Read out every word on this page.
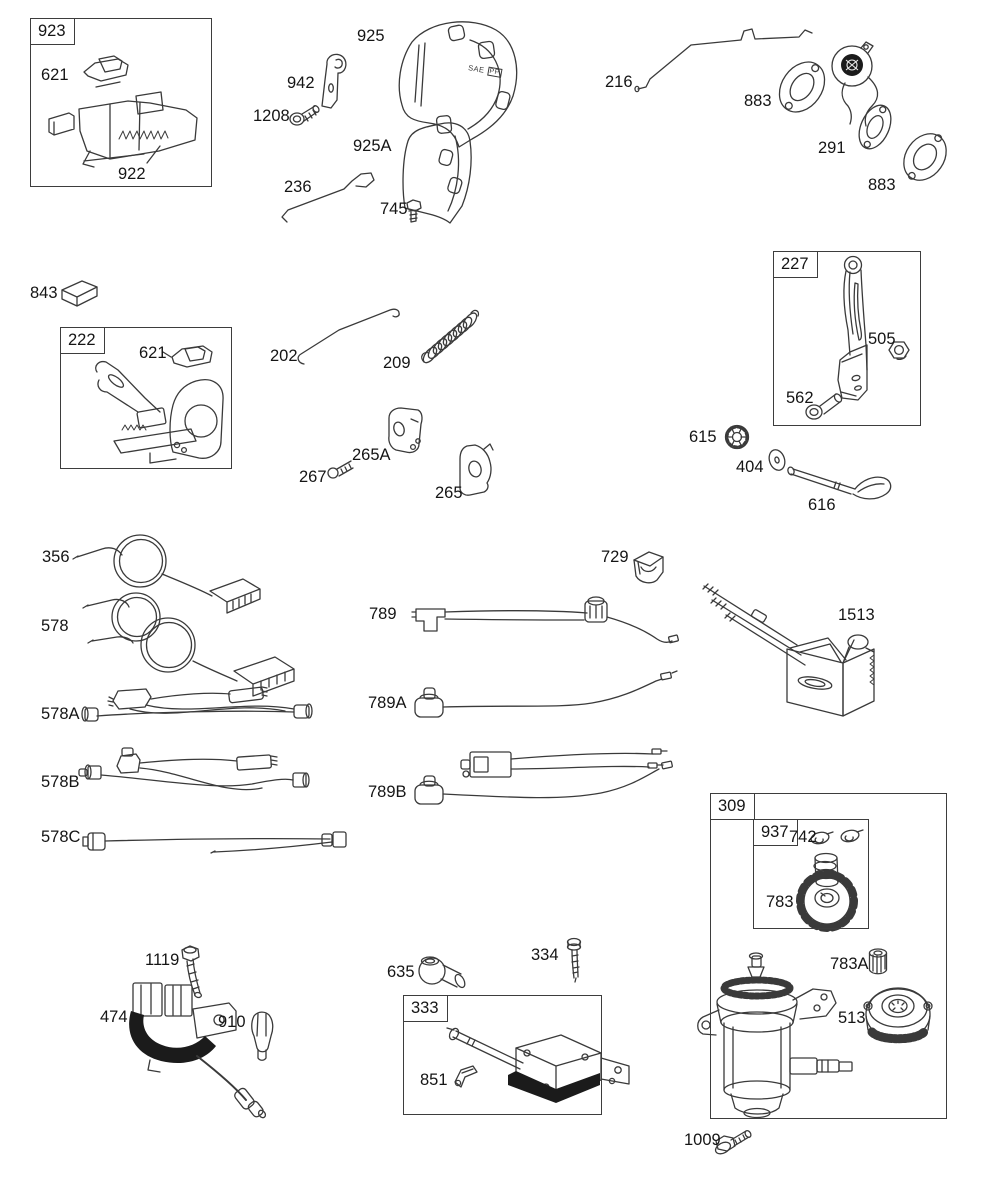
923
222
227
309
937
333
SAE PP
621
922
925
942
1208
925A
236
745
216
883
291
883
505
562
615
404
616
843
621	202	209
265A
267
265
356
578
578A
578B
578C
729
789	1513
789A
789B
742
783
783A
513
1119
474	910
635
334
851
1009
